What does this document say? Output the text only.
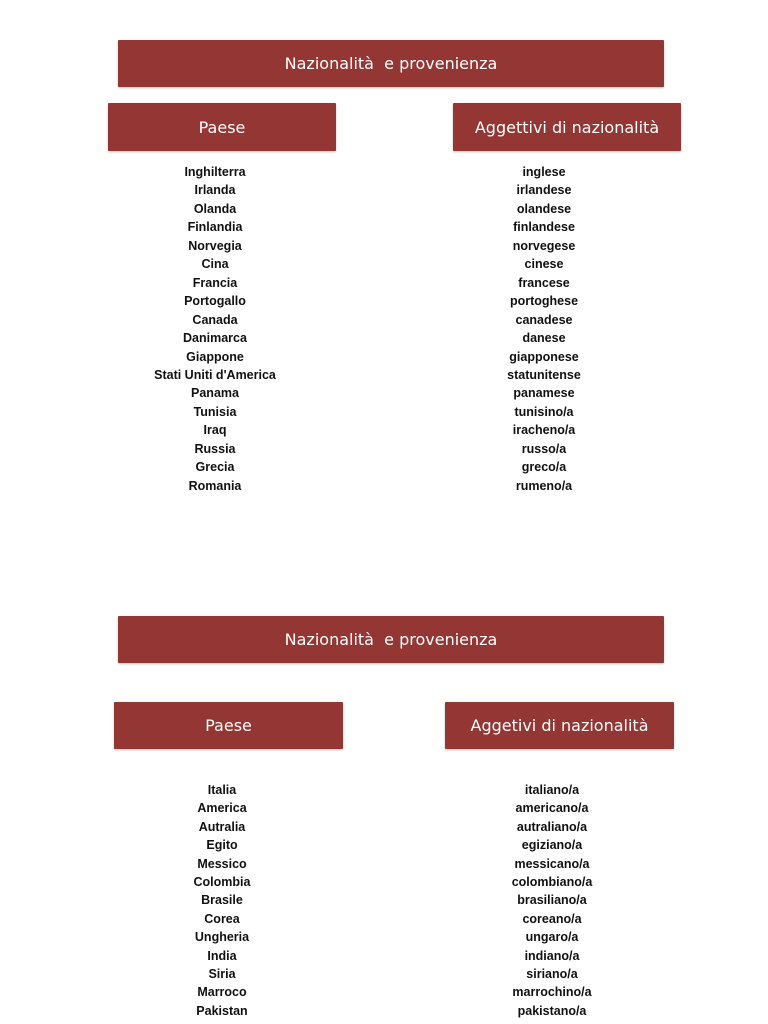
Nazionalità  e provenienza
Paese	Aggettivi di nazionalità
Inghilterra
Irlanda
Olanda
Finlandia
Norvegia
Cina
Francia
Portogallo
Canada
Danimarca
Giappone
Stati Uniti d'America
Panama
Tunisia
Iraq
Russia
Grecia
Romania
inglese
irlandese
olandese
finlandese
norvegese
cinese
francese
portoghese
canadese
danese
giapponese
statunitense
panamese
tunisino/a
iracheno/a
russo/a
greco/a
rumeno/a
Nazionalità  e provenienza
Paese	Aggetivi di nazionalità
Italia
America
Autralia
Egito
Messico
Colombia
Brasile
Corea
Ungheria
India
Siria
Marroco
Pakistan
italiano/a
americano/a
autraliano/a
egiziano/a
messicano/a
colombiano/a
brasiliano/a
coreano/a
ungaro/a
indiano/a
siriano/a
marrochino/a
pakistano/a
